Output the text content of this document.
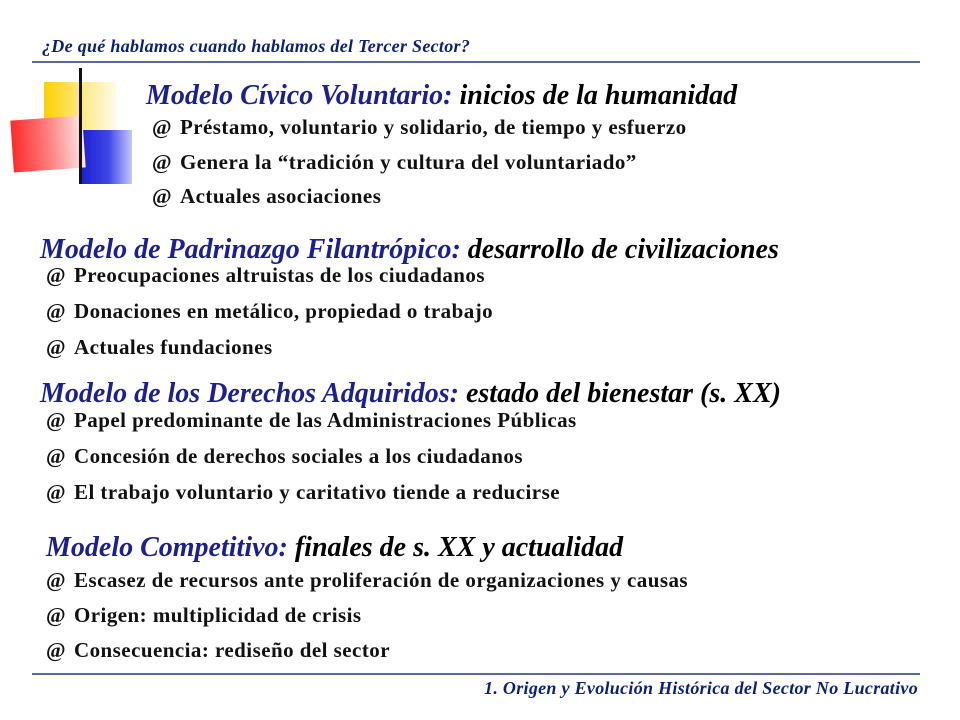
¿De qué hablamos cuando hablamos del Tercer Sector?
Modelo Cívico Voluntario: inicios de la humanidad
@ Préstamo, voluntario y solidario, de tiempo y esfuerzo
@ Genera la “tradición y cultura del voluntariado”
@ Actuales asociaciones
Modelo de Padrinazgo Filantrópico: desarrollo de civilizaciones
@ Preocupaciones altruistas de los ciudadanos
@ Donaciones en metálico, propiedad o trabajo
@ Actuales fundaciones
Modelo de los Derechos Adquiridos: estado del bienestar (s. XX)
@ Papel predominante de las Administraciones Públicas
@ Concesión de derechos sociales a los ciudadanos
@ El trabajo voluntario y caritativo tiende a reducirse
Modelo Competitivo: finales de s. XX y actualidad
@ Escasez de recursos ante proliferación de organizaciones y causas
@ Origen: multiplicidad de crisis
@ Consecuencia: rediseño del sector
1. Origen y Evolución Histórica del Sector No Lucrativo
